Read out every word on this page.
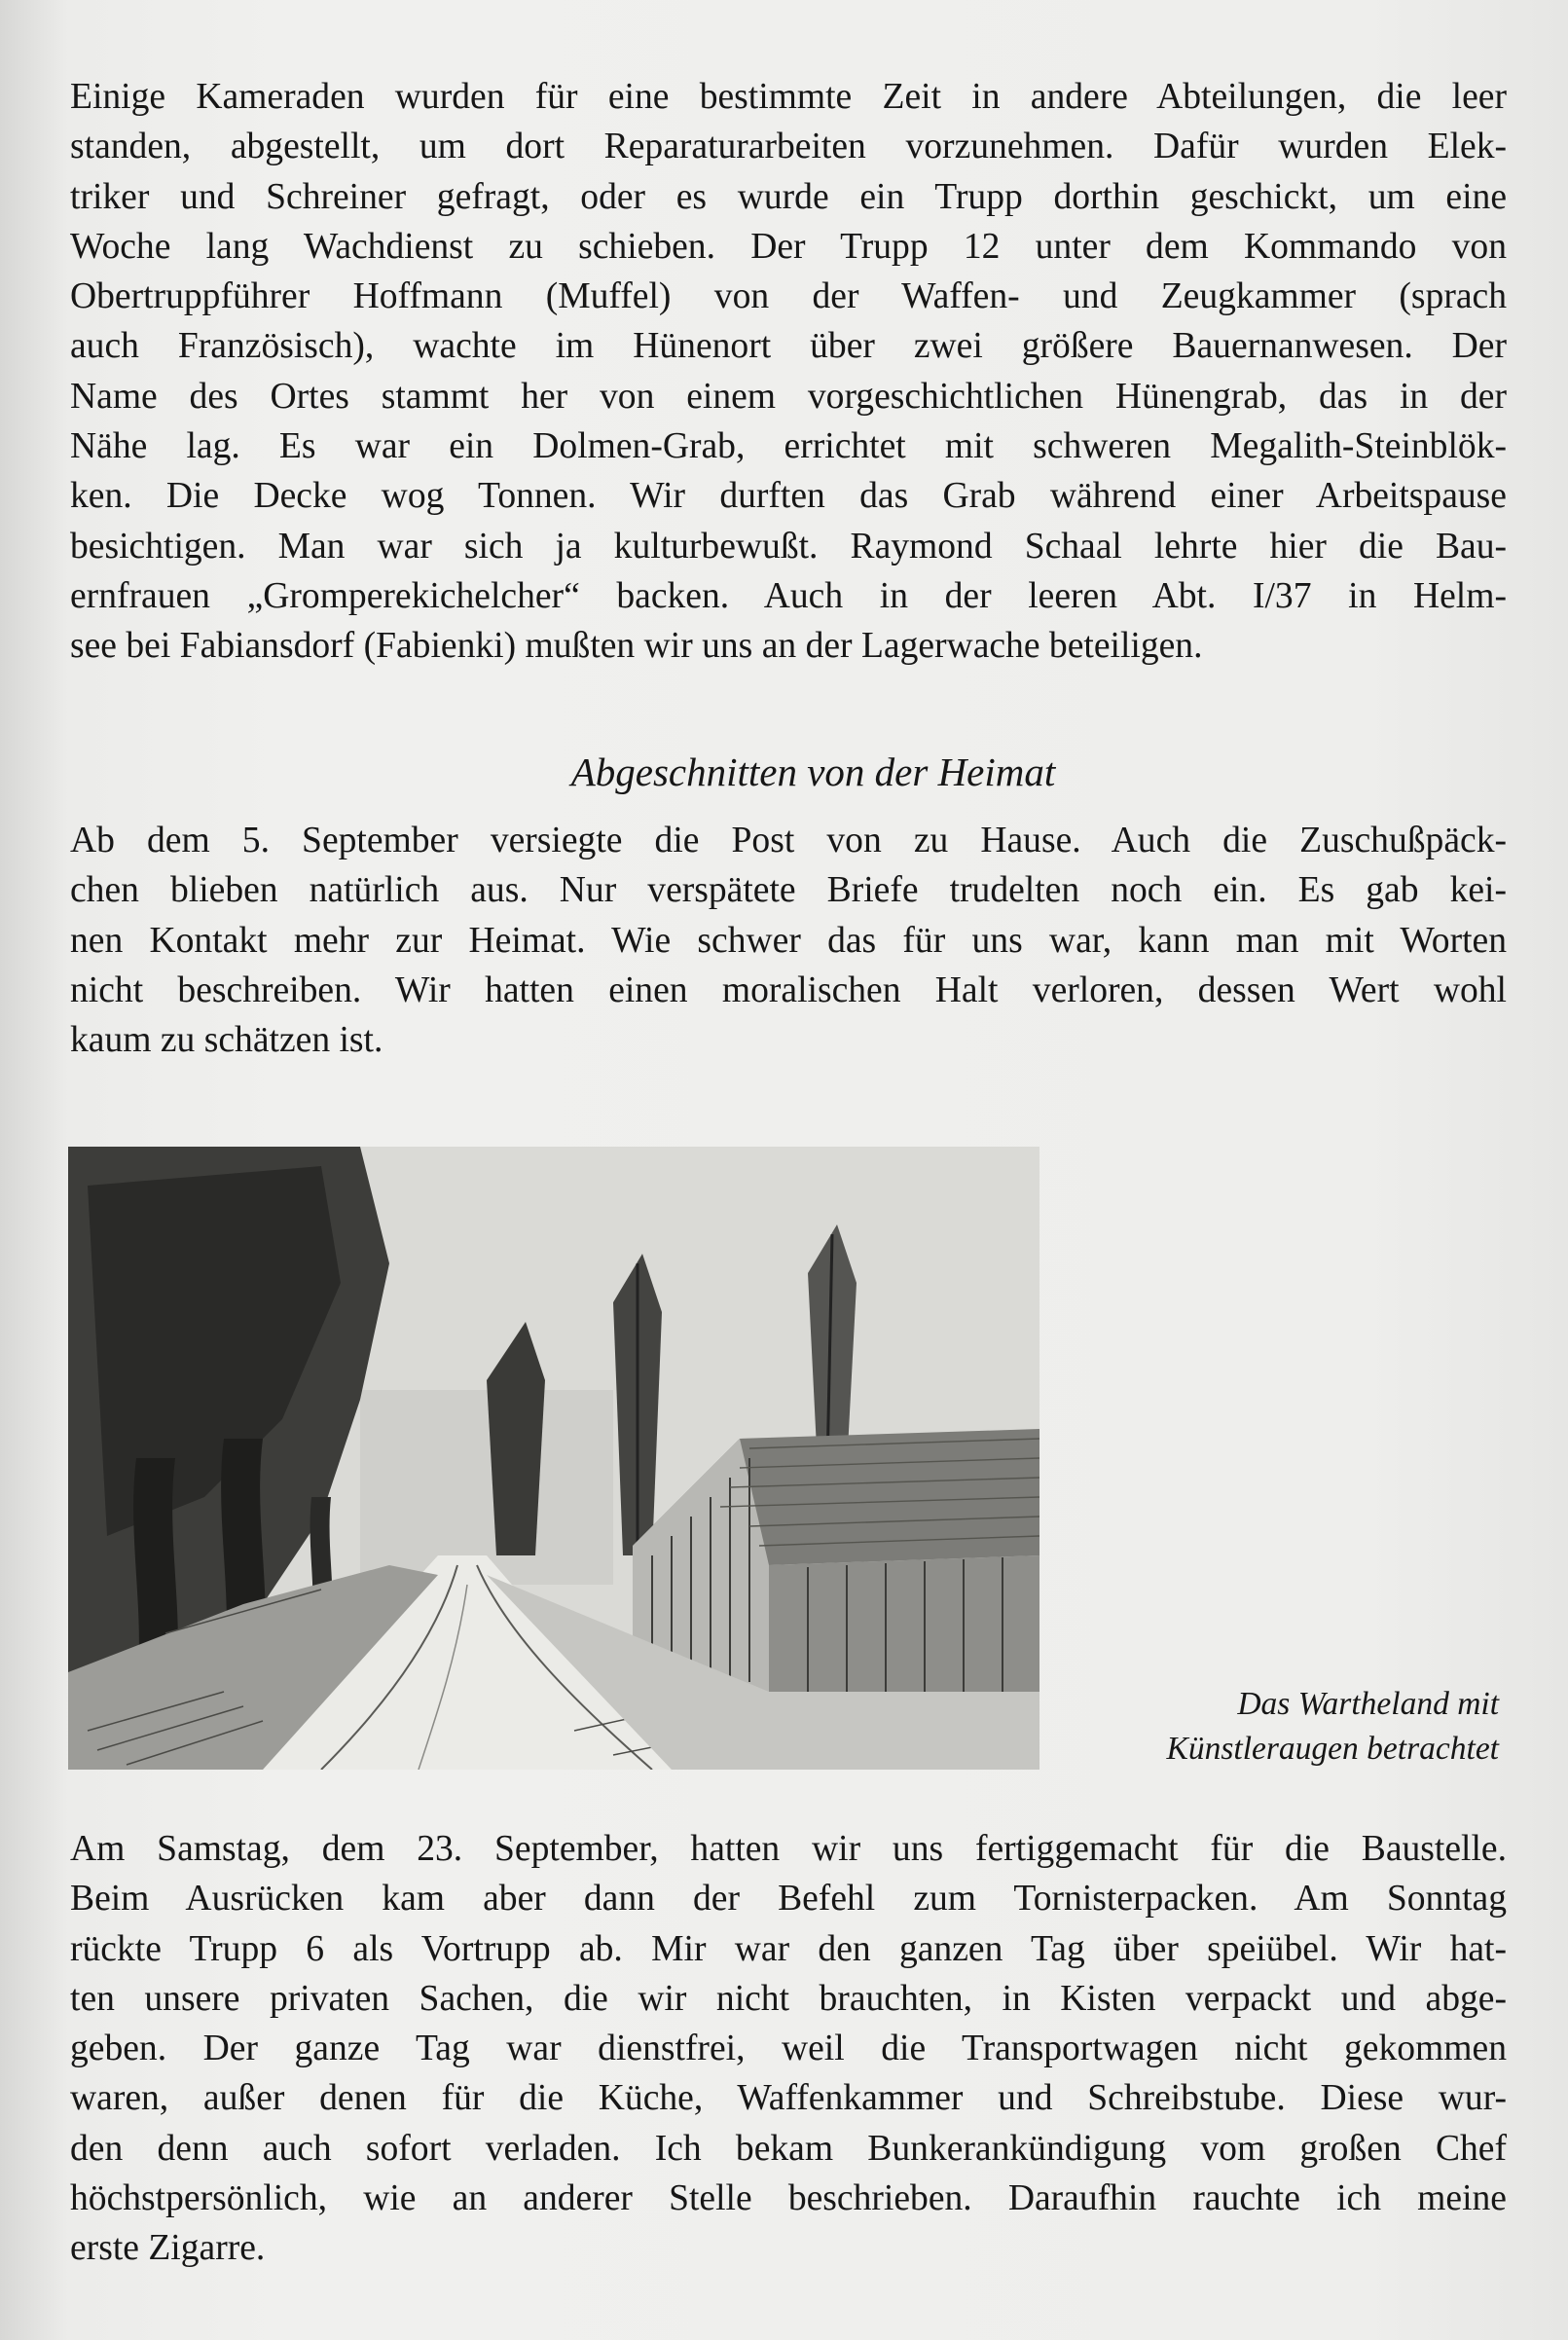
Einige Kameraden wurden für eine bestimmte Zeit in andere Abteilungen, die leer
standen, abgestellt, um dort Reparaturarbeiten vorzunehmen. Dafür wurden Elek-
triker und Schreiner gefragt, oder es wurde ein Trupp dorthin geschickt, um eine
Woche lang Wachdienst zu schieben. Der Trupp 12 unter dem Kommando von
Obertruppführer Hoffmann (Muffel) von der Waffen- und Zeugkammer (sprach
auch Französisch), wachte im Hünenort über zwei größere Bauernanwesen. Der
Name des Ortes stammt her von einem vorgeschichtlichen Hünengrab, das in der
Nähe lag. Es war ein Dolmen-Grab, errichtet mit schweren Megalith-Steinblök-
ken. Die Decke wog Tonnen. Wir durften das Grab während einer Arbeitspause
besichtigen. Man war sich ja kulturbewußt. Raymond Schaal lehrte hier die Bau-
ernfrauen „Gromperekichelcher“ backen. Auch in der leeren Abt. I/37 in Helm-
see bei Fabiansdorf (Fabienki) mußten wir uns an der Lagerwache beteiligen.
Abgeschnitten von der Heimat
Ab dem 5. September versiegte die Post von zu Hause. Auch die Zuschußpäck-
chen blieben natürlich aus. Nur verspätete Briefe trudelten noch ein. Es gab kei-
nen Kontakt mehr zur Heimat. Wie schwer das für uns war, kann man mit Worten
nicht beschreiben. Wir hatten einen moralischen Halt verloren, dessen Wert wohl
kaum zu schätzen ist.
Das Wartheland mit
Künstleraugen betrachtet
Am Samstag, dem 23. September, hatten wir uns fertiggemacht für die Baustelle.
Beim Ausrücken kam aber dann der Befehl zum Tornisterpacken. Am Sonntag
rückte Trupp 6 als Vortrupp ab. Mir war den ganzen Tag über speiübel. Wir hat-
ten unsere privaten Sachen, die wir nicht brauchten, in Kisten verpackt und abge-
geben. Der ganze Tag war dienstfrei, weil die Transportwagen nicht gekommen
waren, außer denen für die Küche, Waffenkammer und Schreibstube. Diese wur-
den denn auch sofort verladen. Ich bekam Bunkerankündigung vom großen Chef
höchstpersönlich, wie an anderer Stelle beschrieben. Daraufhin rauchte ich meine
erste Zigarre.
